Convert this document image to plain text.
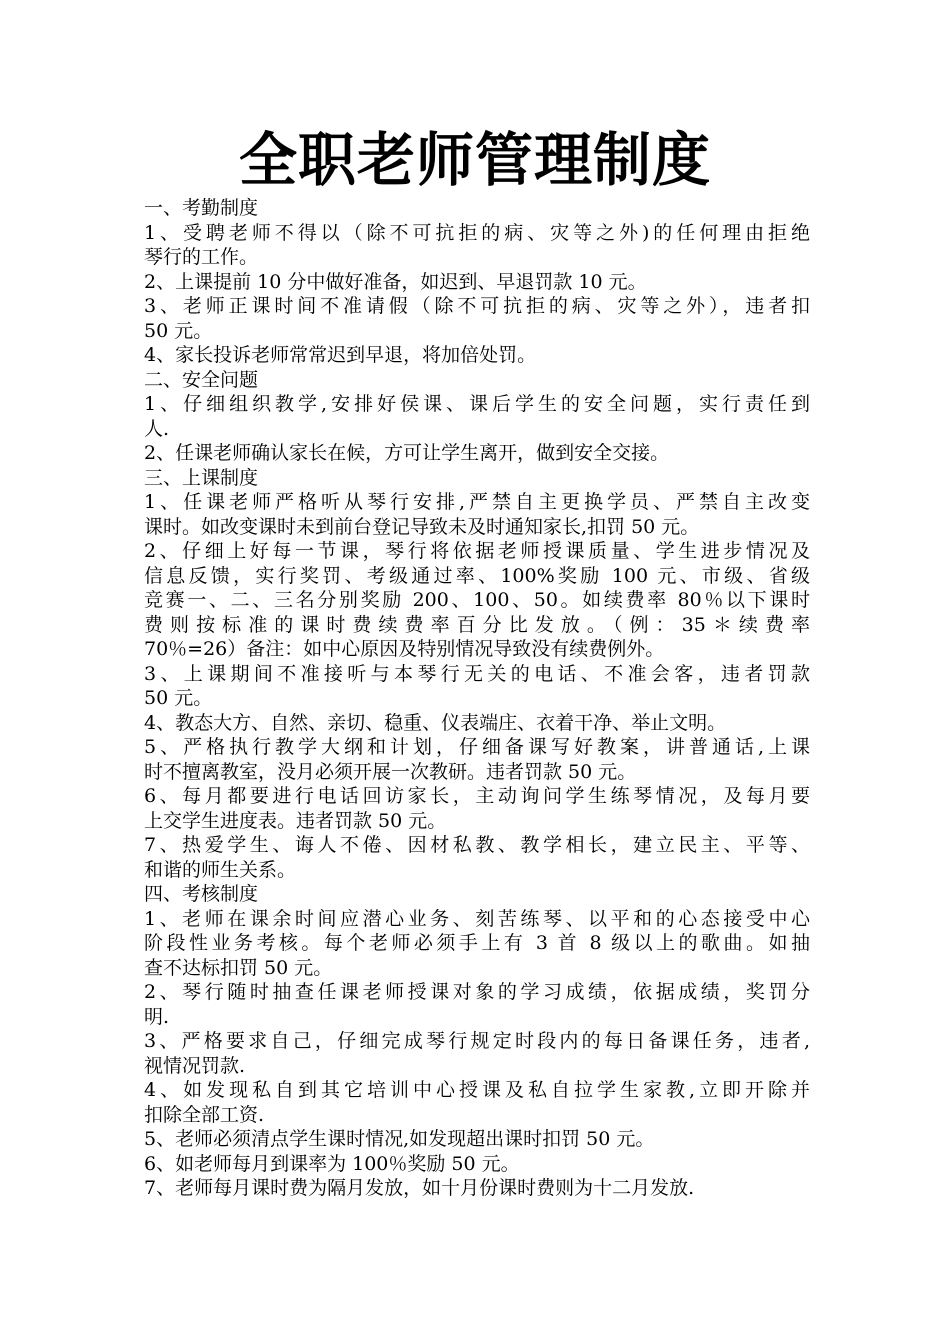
全职老师管理制度
一、考勤制度
1、受聘老师不得以（除不可抗拒的病、灾等之外)的任何理由拒绝
琴行的工作。
2、上课提前 10 分中做好准备，如迟到、早退罚款 10 元。
3、老师正课时间不准请假（除不可抗拒的病、灾等之外），违者扣
50 元。
4、家长投诉老师常常迟到早退，将加倍处罚。
二、安全问题
1、仔细组织教学,安排好侯课、课后学生的安全问题，实行责任到
人.
2、任课老师确认家长在候，方可让学生离开，做到安全交接。
三、上课制度
1、任课老师严格听从琴行安排,严禁自主更换学员、严禁自主改变
课时。如改变课时未到前台登记导致未及时通知家长,扣罚 50 元。
2、仔细上好每一节课，琴行将依据老师授课质量、学生进步情况及
信息反馈，实行奖罚、考级通过率、100%奖励 100 元、市级、省级
竞赛一、二、三名分别奖励 200、100、50。如续费率 80％以下课时
费则按标准的课时费续费率百分比发放。（例：35＊续费率
70％=26）备注：如中心原因及特别情况导致没有续费例外。
3、上课期间不准接听与本琴行无关的电话、不准会客，违者罚款
50 元。
4、教态大方、自然、亲切、稳重、仪表端庄、衣着干净、举止文明。
5、严格执行教学大纲和计划，仔细备课写好教案，讲普通话,上课
时不擅离教室，没月必须开展一次教研。违者罚款 50 元。
6、每月都要进行电话回访家长，主动询问学生练琴情况，及每月要
上交学生进度表。违者罚款 50 元。
7、热爱学生、诲人不倦、因材私教、教学相长，建立民主、平等、
和谐的师生关系。
四、考核制度
1、老师在课余时间应潜心业务、刻苦练琴、以平和的心态接受中心
阶段性业务考核。每个老师必须手上有 3 首 8 级以上的歌曲。如抽
查不达标扣罚 50 元。
2、琴行随时抽查任课老师授课对象的学习成绩，依据成绩，奖罚分
明.
3、严格要求自己，仔细完成琴行规定时段内的每日备课任务，违者,
视情况罚款.
4、如发现私自到其它培训中心授课及私自拉学生家教,立即开除并
扣除全部工资.
5、老师必须清点学生课时情况,如发现超出课时扣罚 50 元。
6、如老师每月到课率为 100％奖励 50 元。
7、老师每月课时费为隔月发放，如十月份课时费则为十二月发放.
